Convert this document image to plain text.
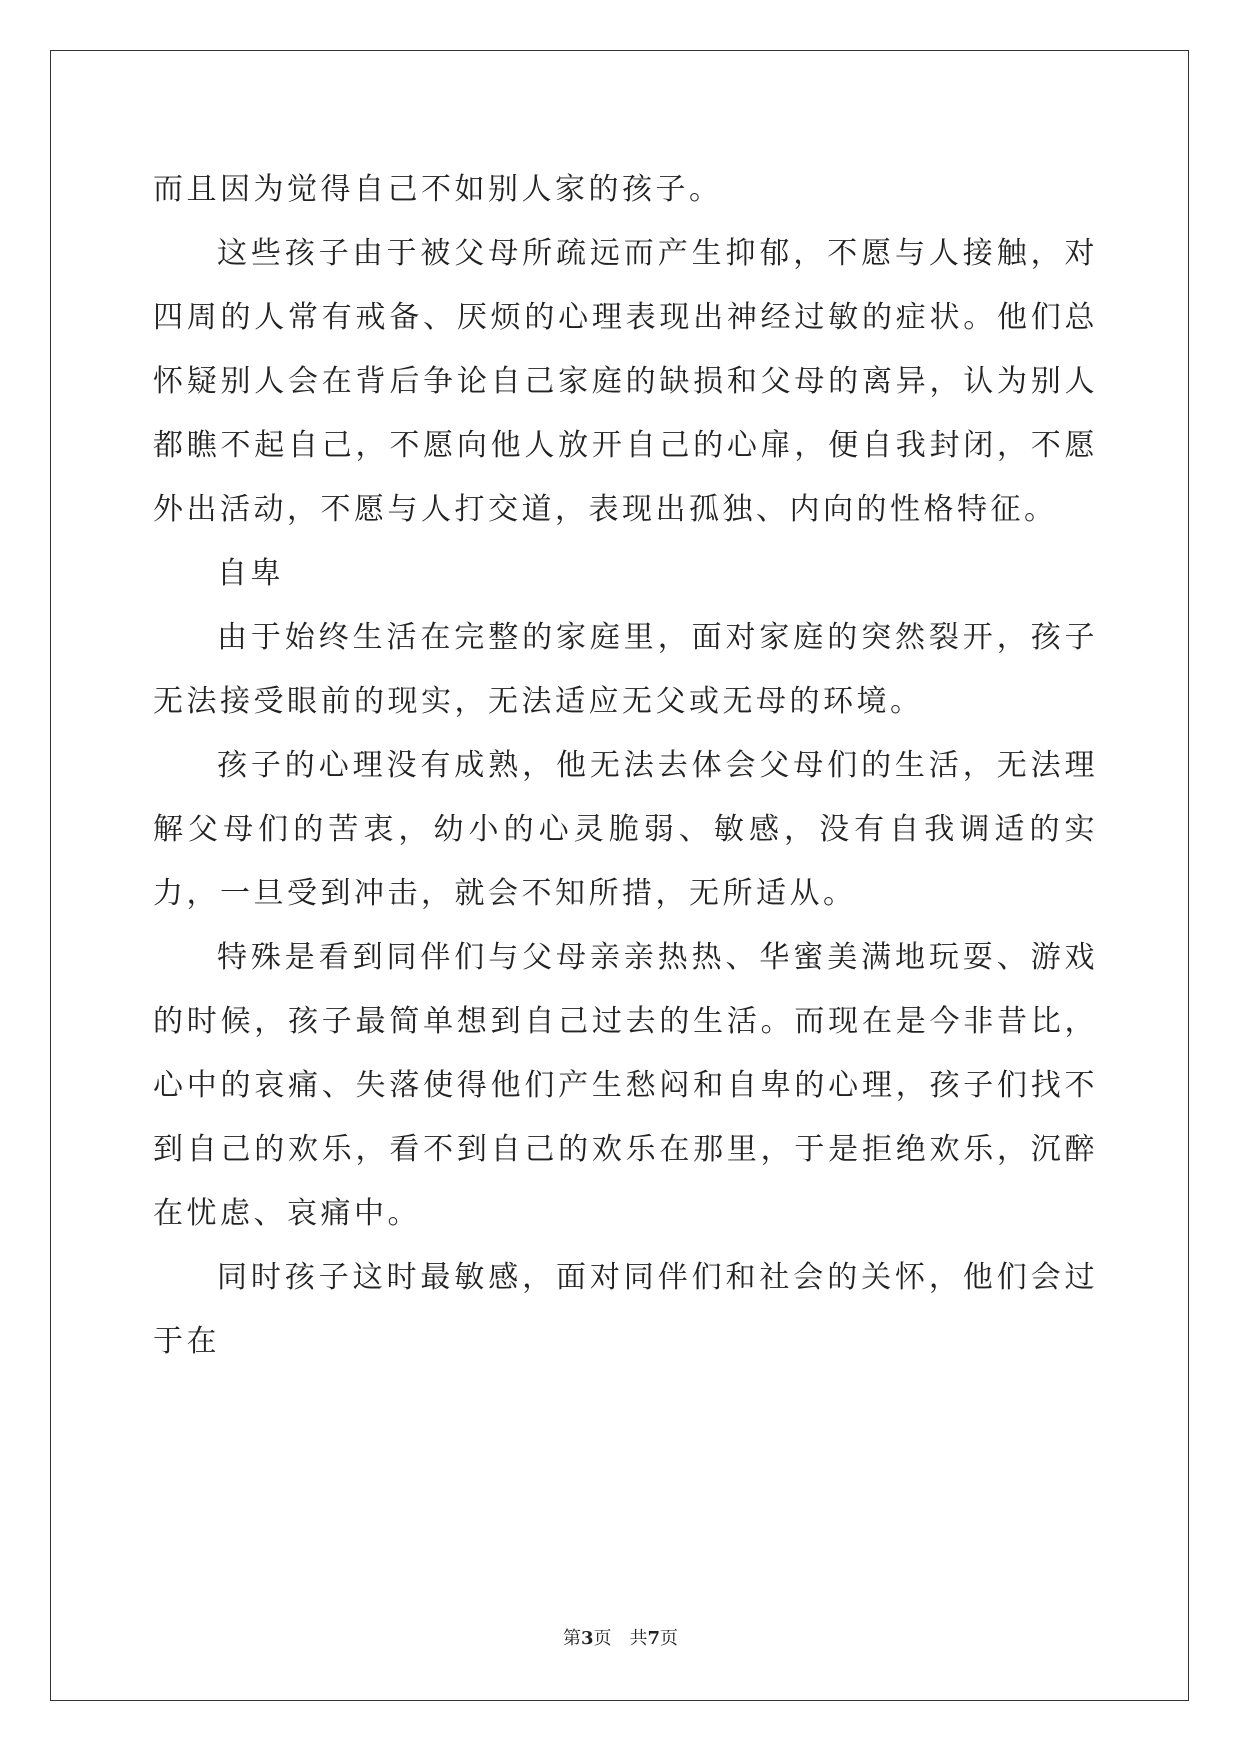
而且因为觉得自己不如别人家的孩子。

这些孩子由于被父母所疏远而产生抑郁，不愿与人接触，对四周的人常有戒备、厌烦的心理表现出神经过敏的症状。他们总怀疑别人会在背后争论自己家庭的缺损和父母的离异，认为别人都瞧不起自己，不愿向他人放开自己的心扉，便自我封闭，不愿外出活动，不愿与人打交道，表现出孤独、内向的性格特征。

自卑

由于始终生活在完整的家庭里，面对家庭的突然裂开，孩子无法接受眼前的现实，无法适应无父或无母的环境。

孩子的心理没有成熟，他无法去体会父母们的生活，无法理解父母们的苦衷，幼小的心灵脆弱、敏感，没有自我调适的实力，一旦受到冲击，就会不知所措，无所适从。

特殊是看到同伴们与父母亲亲热热、华蜜美满地玩耍、游戏的时候，孩子最简单想到自己过去的生活。而现在是今非昔比，心中的哀痛、失落使得他们产生愁闷和自卑的心理，孩子们找不到自己的欢乐，看不到自己的欢乐在那里，于是拒绝欢乐，沉醉在忧虑、哀痛中。

同时孩子这时最敏感，面对同伴们和社会的关怀，他们会过于在

第3页 共7页
